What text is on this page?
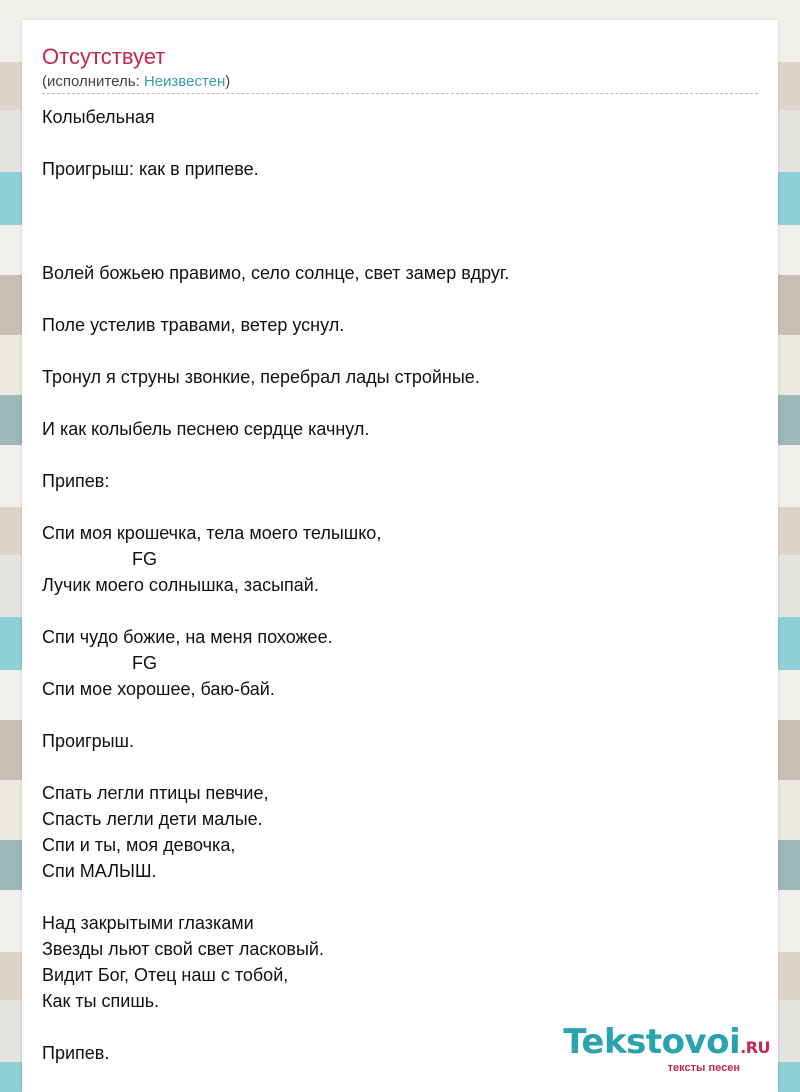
Отсутствует
(исполнитель: Неизвестен)
Колыбельная
Проигрыш: как в припеве.
Волей божьею правимо, село солнце, свет замер вдруг.
Поле устелив травами, ветер уснул.
Тронул я струны звонкие, перебрал лады стройные.
И как колыбель песнею сердце качнул.
Припев:
Спи моя крошечка, тела моего телышко,
FG
Лучик моего солнышка, засыпай.
Спи чудо божие, на меня похожее.
FG
Спи мое хорошее, баю-бай.
Проигрыш.
Спать легли птицы певчие,
Спасть легли дети малые.
Спи и ты, моя девочка,
Спи МАЛЫШ.
Над закрытыми глазками
Звезды льют свой свет ласковый.
Видит Бог, Отец наш с тобой,
Как ты спишь.
Припев.	Tekstovoi.RU
тексты песен
